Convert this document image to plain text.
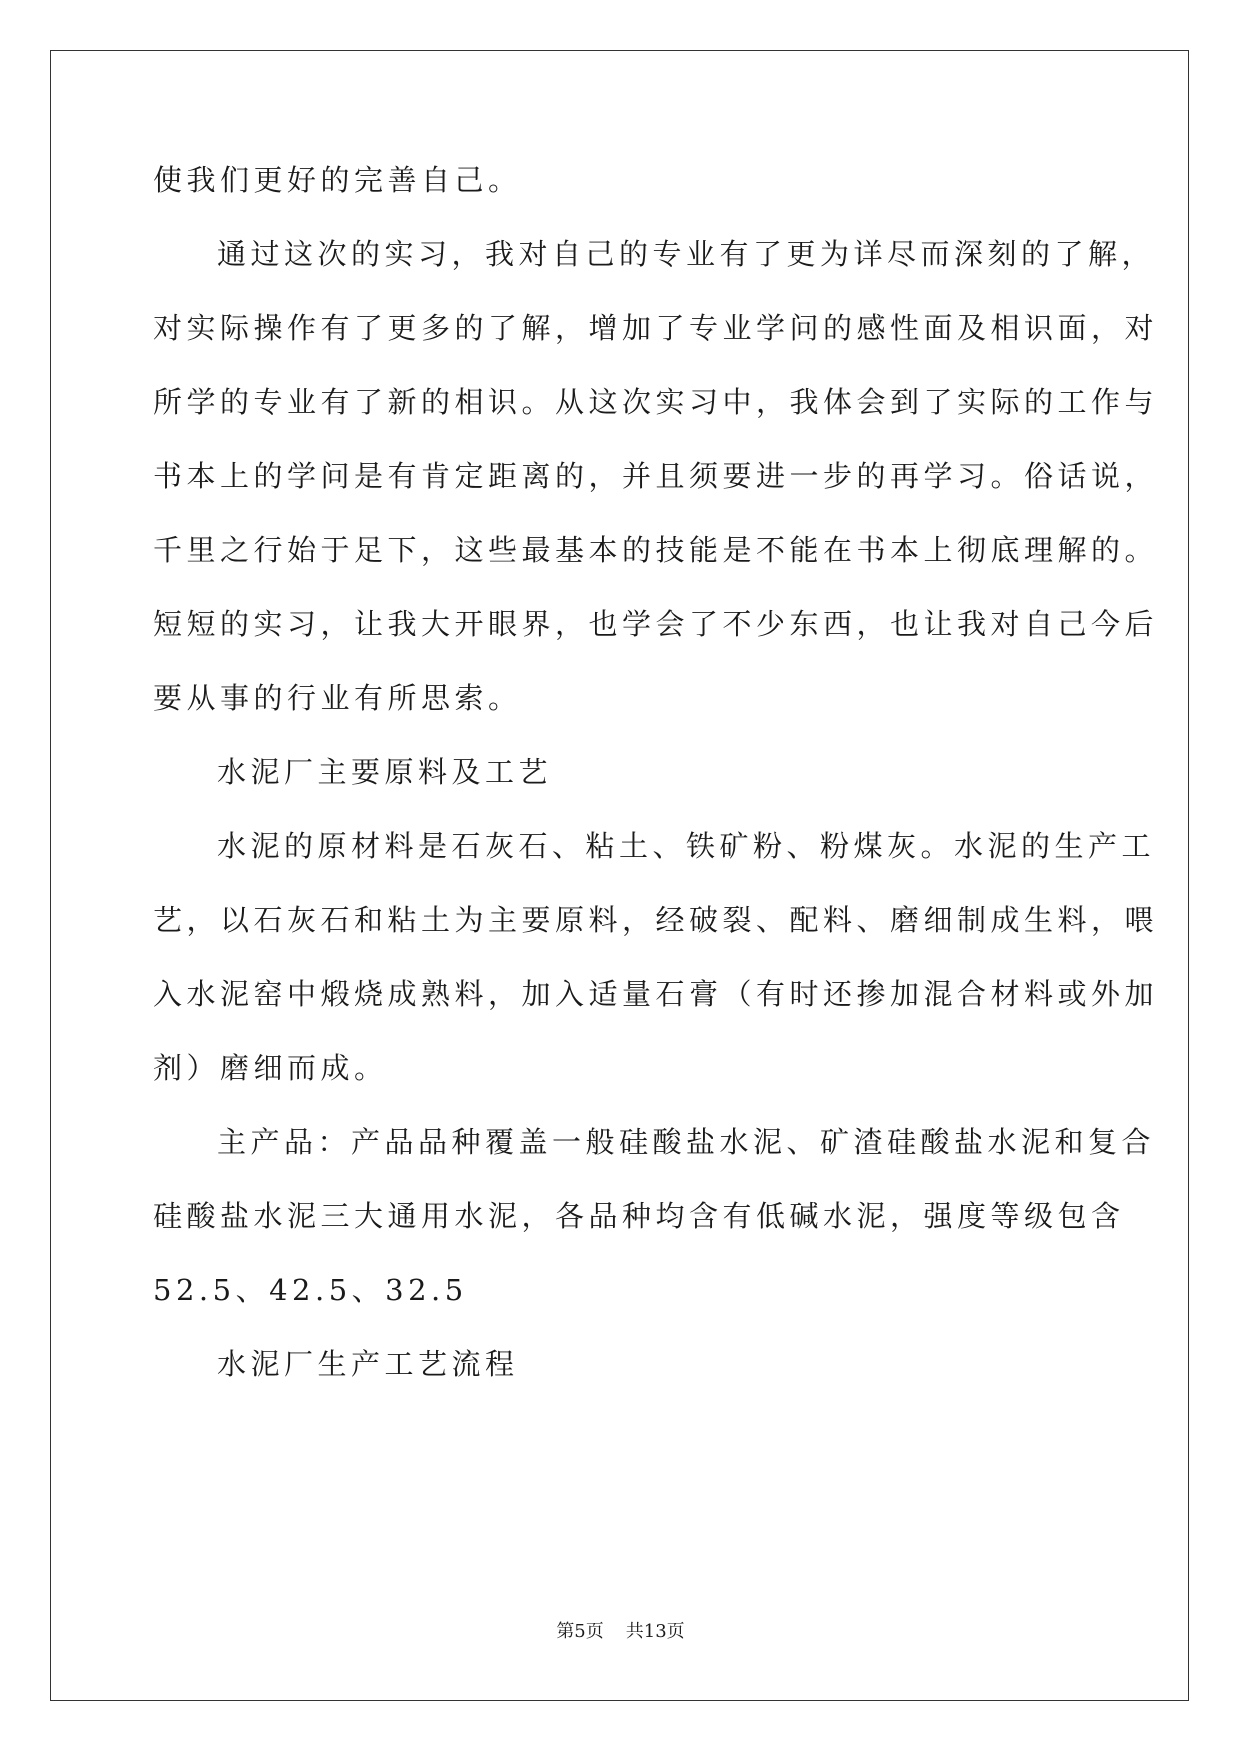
使我们更好的完善自己。
通过这次的实习，我对自己的专业有了更为详尽而深刻的了解，
对实际操作有了更多的了解，增加了专业学问的感性面及相识面，对
所学的专业有了新的相识。从这次实习中，我体会到了实际的工作与
书本上的学问是有肯定距离的，并且须要进一步的再学习。俗话说，
千里之行始于足下，这些最基本的技能是不能在书本上彻底理解的。
短短的实习，让我大开眼界，也学会了不少东西，也让我对自己今后
要从事的行业有所思索。
水泥厂主要原料及工艺
水泥的原材料是石灰石、粘土、铁矿粉、粉煤灰。水泥的生产工
艺，以石灰石和粘土为主要原料，经破裂、配料、磨细制成生料，喂
入水泥窑中煅烧成熟料，加入适量石膏（有时还掺加混合材料或外加
剂）磨细而成。
主产品：产品品种覆盖一般硅酸盐水泥、矿渣硅酸盐水泥和复合
硅酸盐水泥三大通用水泥，各品种均含有低碱水泥，强度等级包含
52.5、42.5、32.5
水泥厂生产工艺流程
第5页 共13页
